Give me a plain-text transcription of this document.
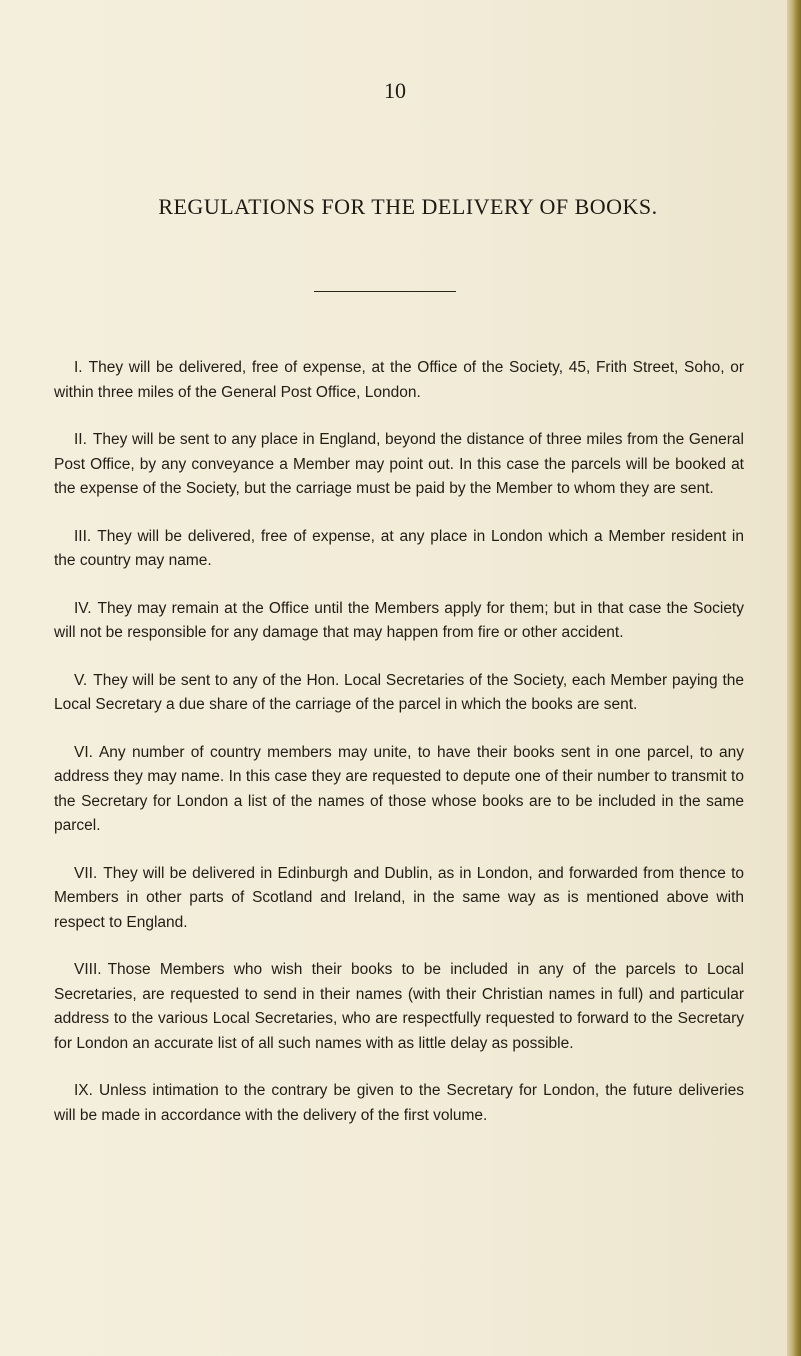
10
REGULATIONS FOR THE DELIVERY OF BOOKS.

I. They will be delivered, free of expense, at the Office of the Society, 45, Frith Street, Soho, or within three miles of the General Post Office, London.

II. They will be sent to any place in England, beyond the distance of three miles from the General Post Office, by any conveyance a Member may point out. In this case the parcels will be booked at the expense of the Society, but the carriage must be paid by the Member to whom they are sent.

III. They will be delivered, free of expense, at any place in London which a Member resident in the country may name.

IV. They may remain at the Office until the Members apply for them; but in that case the Society will not be responsible for any damage that may happen from fire or other accident.

V. They will be sent to any of the Hon. Local Secretaries of the Society, each Member paying the Local Secretary a due share of the carriage of the parcel in which the books are sent.

VI. Any number of country members may unite, to have their books sent in one parcel, to any address they may name. In this case they are requested to depute one of their number to transmit to the Secretary for London a list of the names of those whose books are to be included in the same parcel.

VII. They will be delivered in Edinburgh and Dublin, as in London, and forwarded from thence to Members in other parts of Scotland and Ireland, in the same way as is mentioned above with respect to England.

VIII. Those Members who wish their books to be included in any of the parcels to Local Secretaries, are requested to send in their names (with their Christian names in full) and particular address to the various Local Secretaries, who are respectfully requested to forward to the Secretary for London an accurate list of all such names with as little delay as possible.

IX. Unless intimation to the contrary be given to the Secretary for London, the future deliveries will be made in accordance with the delivery of the first volume.
